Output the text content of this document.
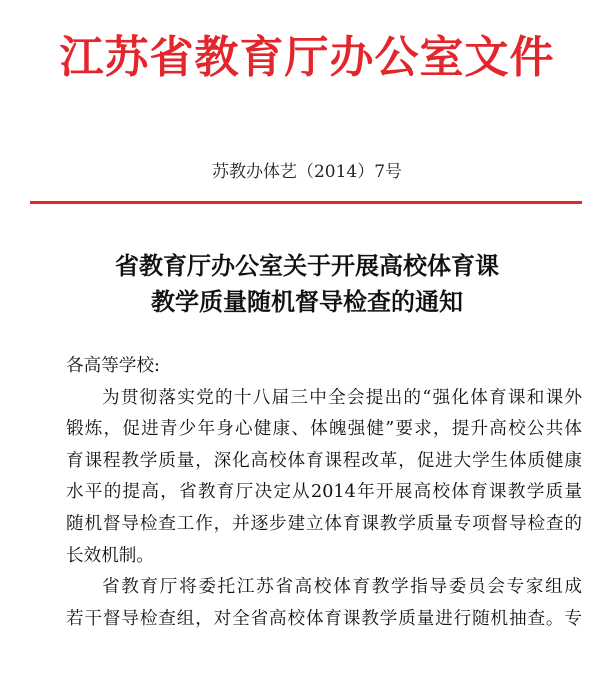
江苏省教育厅办公室文件
苏教办体艺（2014）7号
省教育厅办公室关于开展高校体育课
教学质量随机督导检查的通知
各高等学校:
为贯彻落实党的十八届三中全会提出的“强化体育课和课外
锻炼，促进青少年身心健康、体魄强健”要求，提升高校公共体
育课程教学质量，深化高校体育课程改革，促进大学生体质健康
水平的提高，省教育厅决定从2014年开展高校体育课教学质量
随机督导检查工作，并逐步建立体育课教学质量专项督导检查的
长效机制。
省教育厅将委托江苏省高校体育教学指导委员会专家组成
若干督导检查组，对全省高校体育课教学质量进行随机抽查。专
